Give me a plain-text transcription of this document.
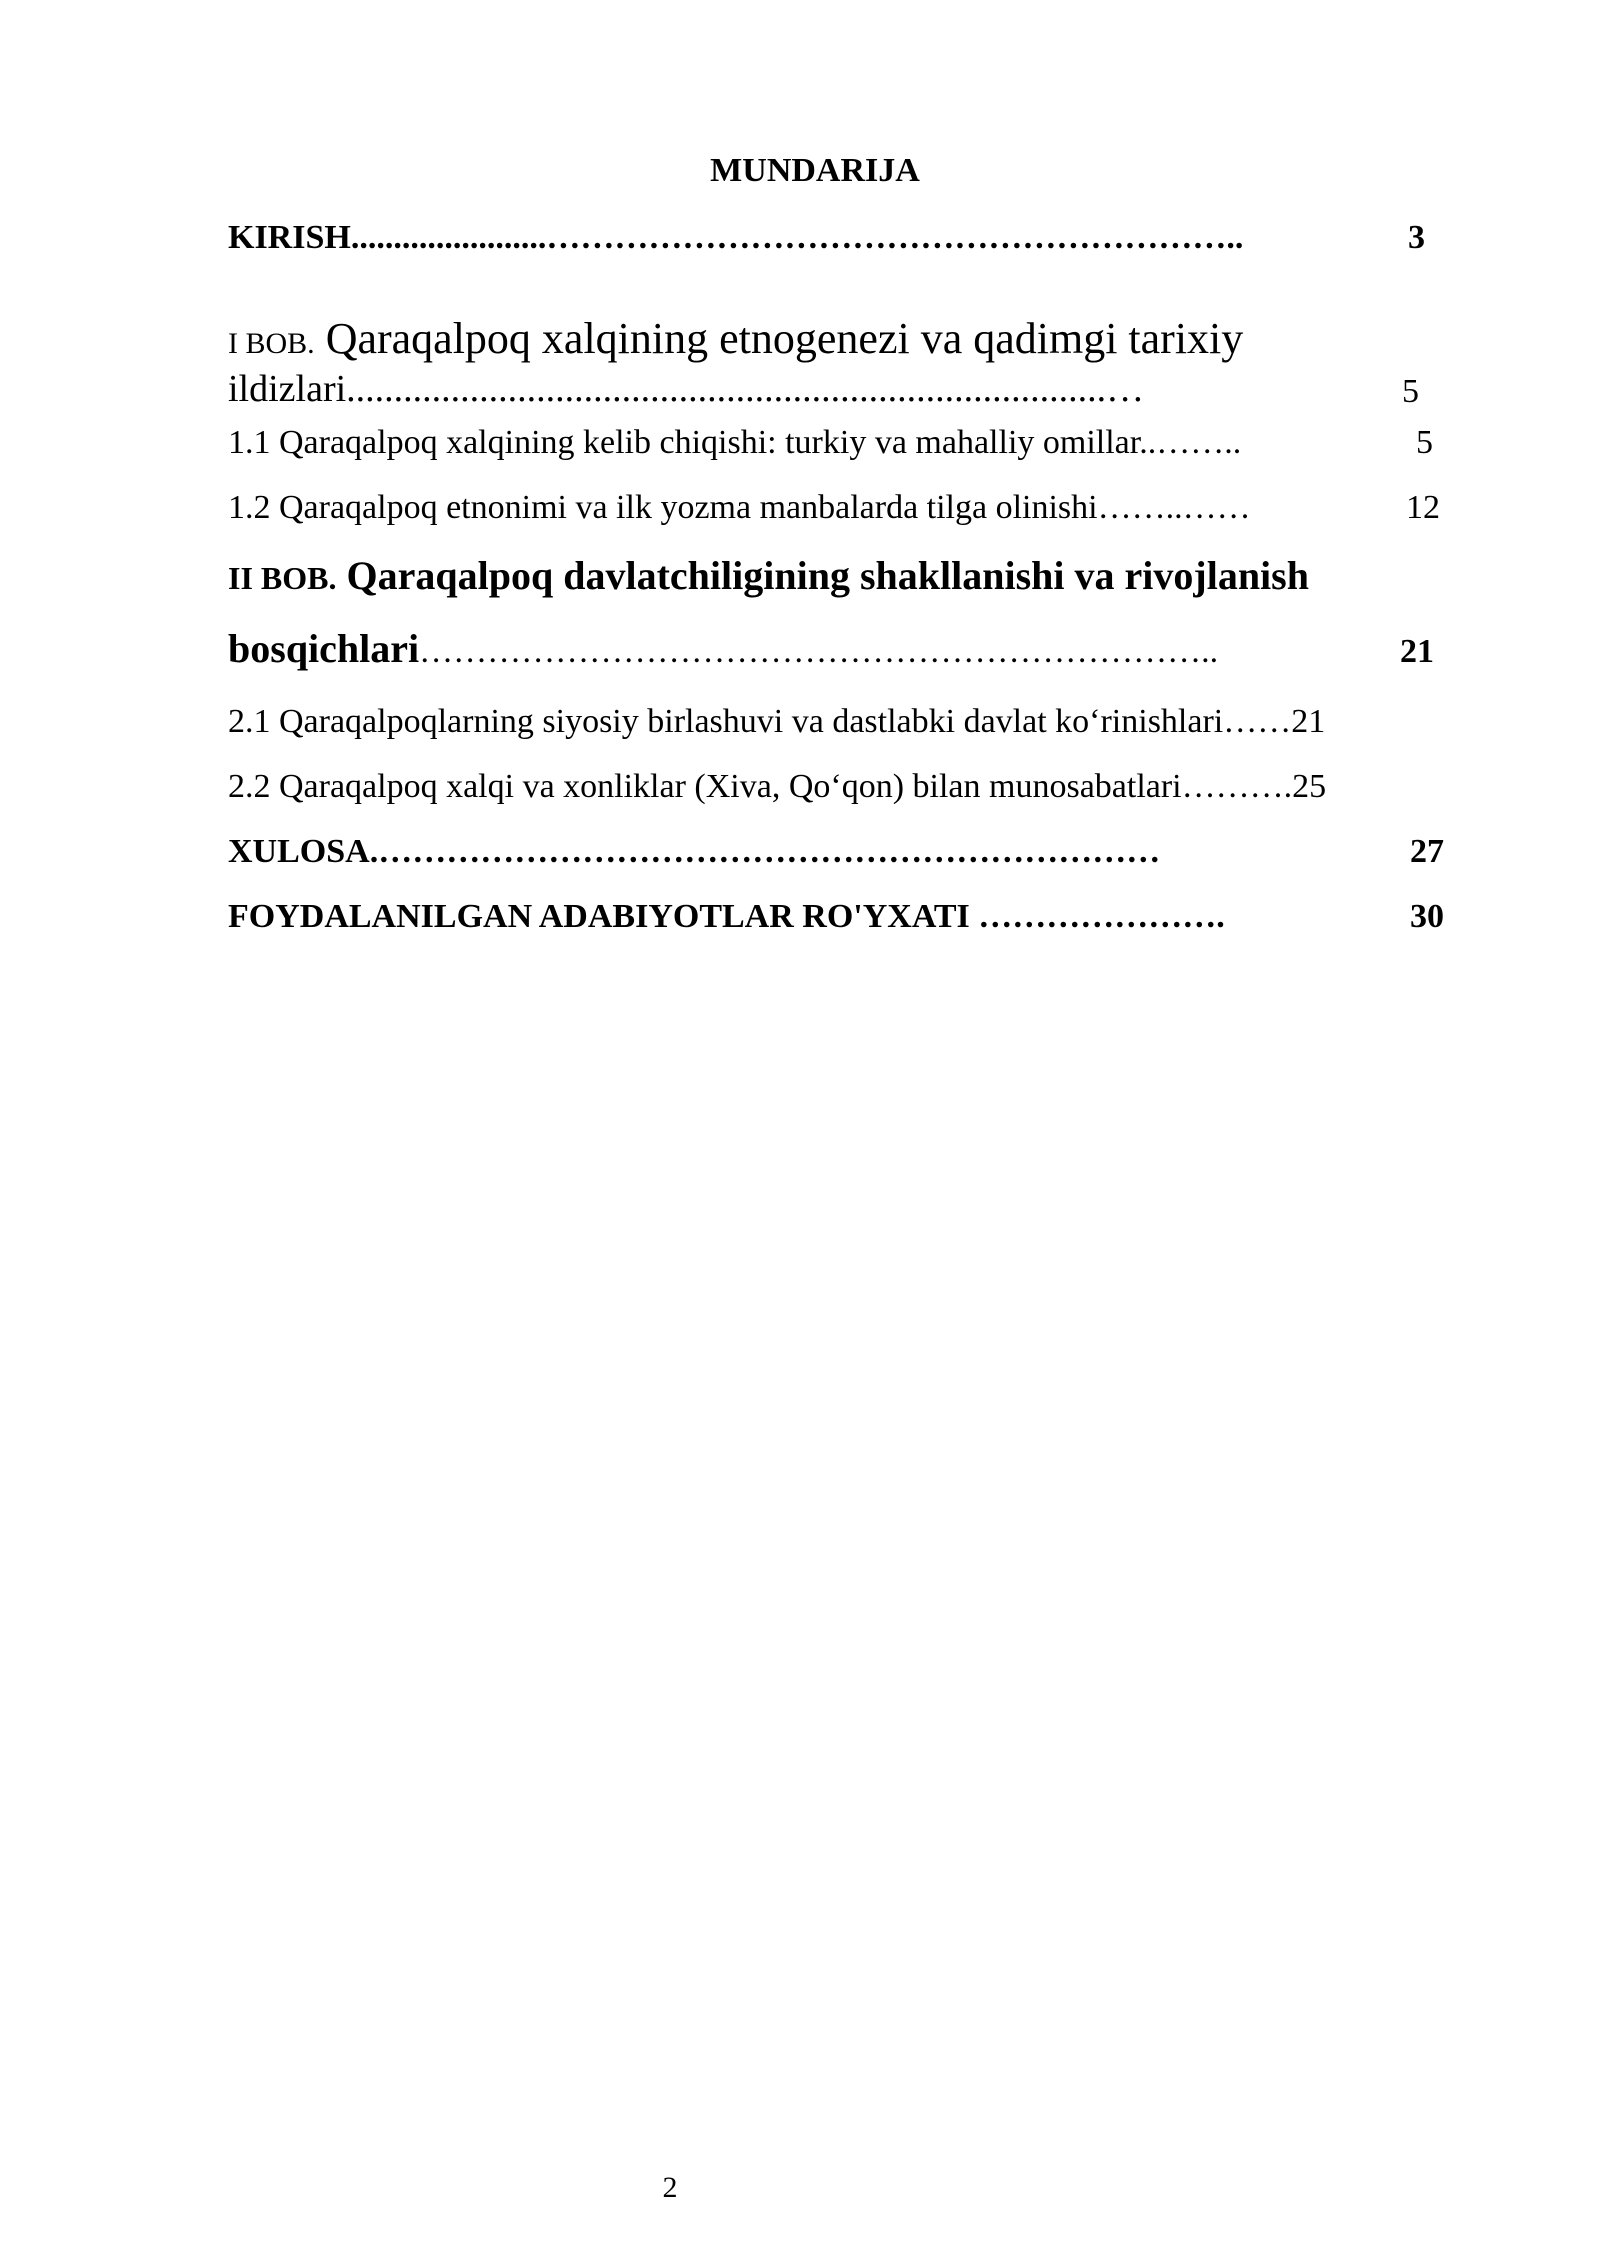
MUNDARIJA
KIRISH.......................……………………………………………………..	3
I BOB. Qaraqalpoq xalqining etnogenezi va qadimgi tarixiy
ildizlari................................................................................…	5
1.1 Qaraqalpoq xalqining kelib chiqishi: turkiy va mahalliy omillar..……..	5
1.2 Qaraqalpoq etnonimi va ilk yozma manbalarda tilga olinishi……..……	12
II BOB. Qaraqalpoq davlatchiligining shakllanishi va rivojlanish
bosqichlari……………………………………………………………..	21
2.1 Qaraqalpoqlarning siyosiy birlashuvi va dastlabki davlat ko‘rinishlari……21
2.2 Qaraqalpoq xalqi va xonliklar (Xiva, Qo‘qon) bilan munosabatlari……….25
XULOSA.……………………………………………………………	27
FOYDALANILGAN ADABIYOTLAR RO'YXATI ………………….	30
2
